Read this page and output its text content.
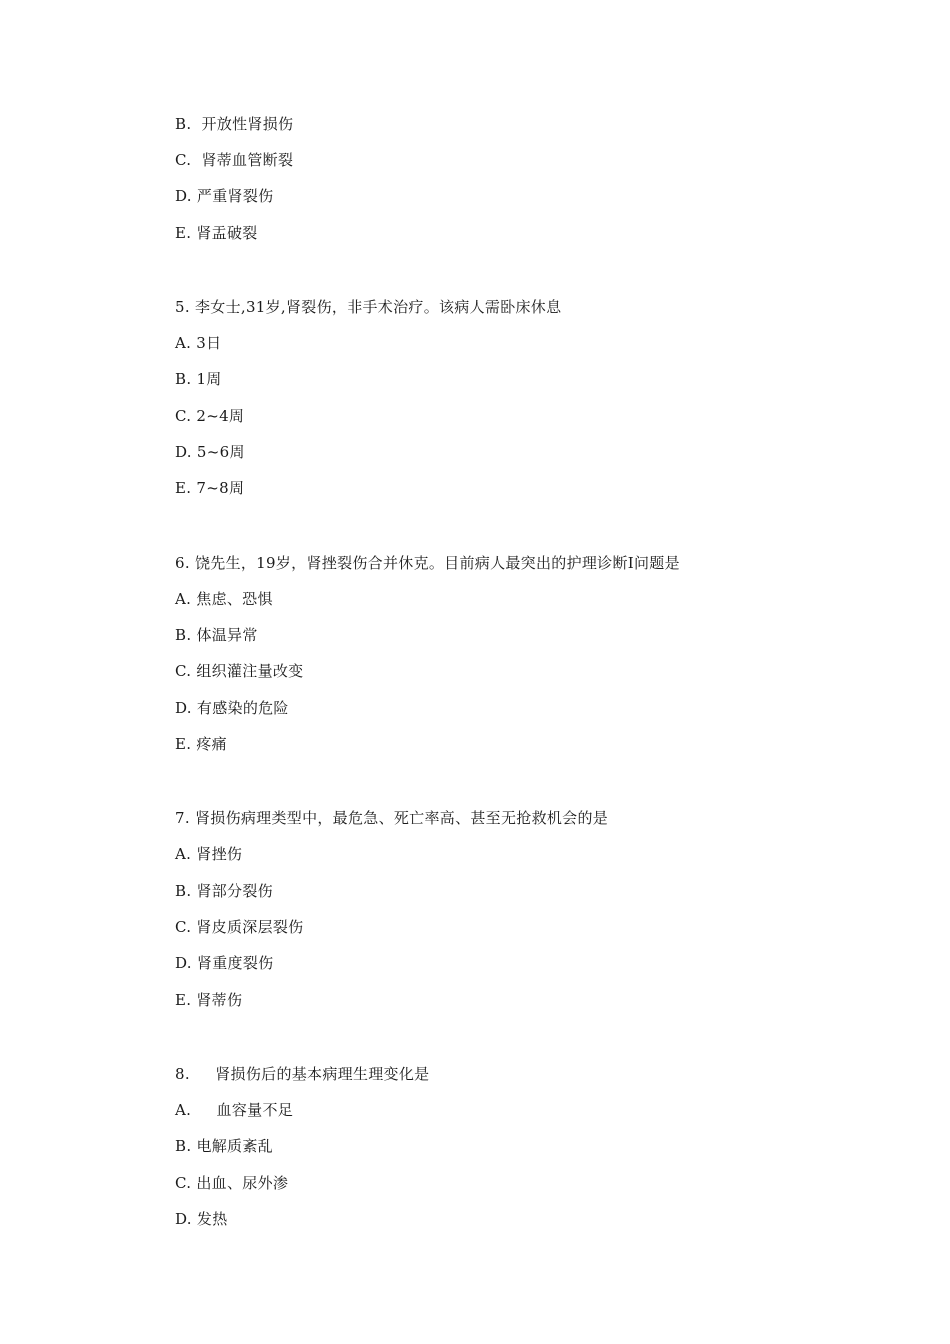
B.  开放性肾损伤
C.  肾蒂血管断裂
D. 严重肾裂伤
E. 肾盂破裂
5. 李女士,31岁,肾裂伤，非手术治疗。该病人需卧床休息
A. 3日
B. 1周
C. 2~4周
D. 5~6周
E. 7~8周
6. 饶先生，19岁，肾挫裂伤合并休克。目前病人最突出的护理诊断I问题是
A. 焦虑、恐惧
B. 体温异常
C. 组织灌注量改变
D. 有感染的危险
E. 疼痛
7. 肾损伤病理类型中，最危急、死亡率高、甚至无抢救机会的是
A. 肾挫伤
B. 肾部分裂伤
C. 肾皮质深层裂伤
D. 肾重度裂伤
E. 肾蒂伤
8.     肾损伤后的基本病理生理变化是
A.     血容量不足
B. 电解质紊乱
C. 出血、尿外渗
D. 发热
